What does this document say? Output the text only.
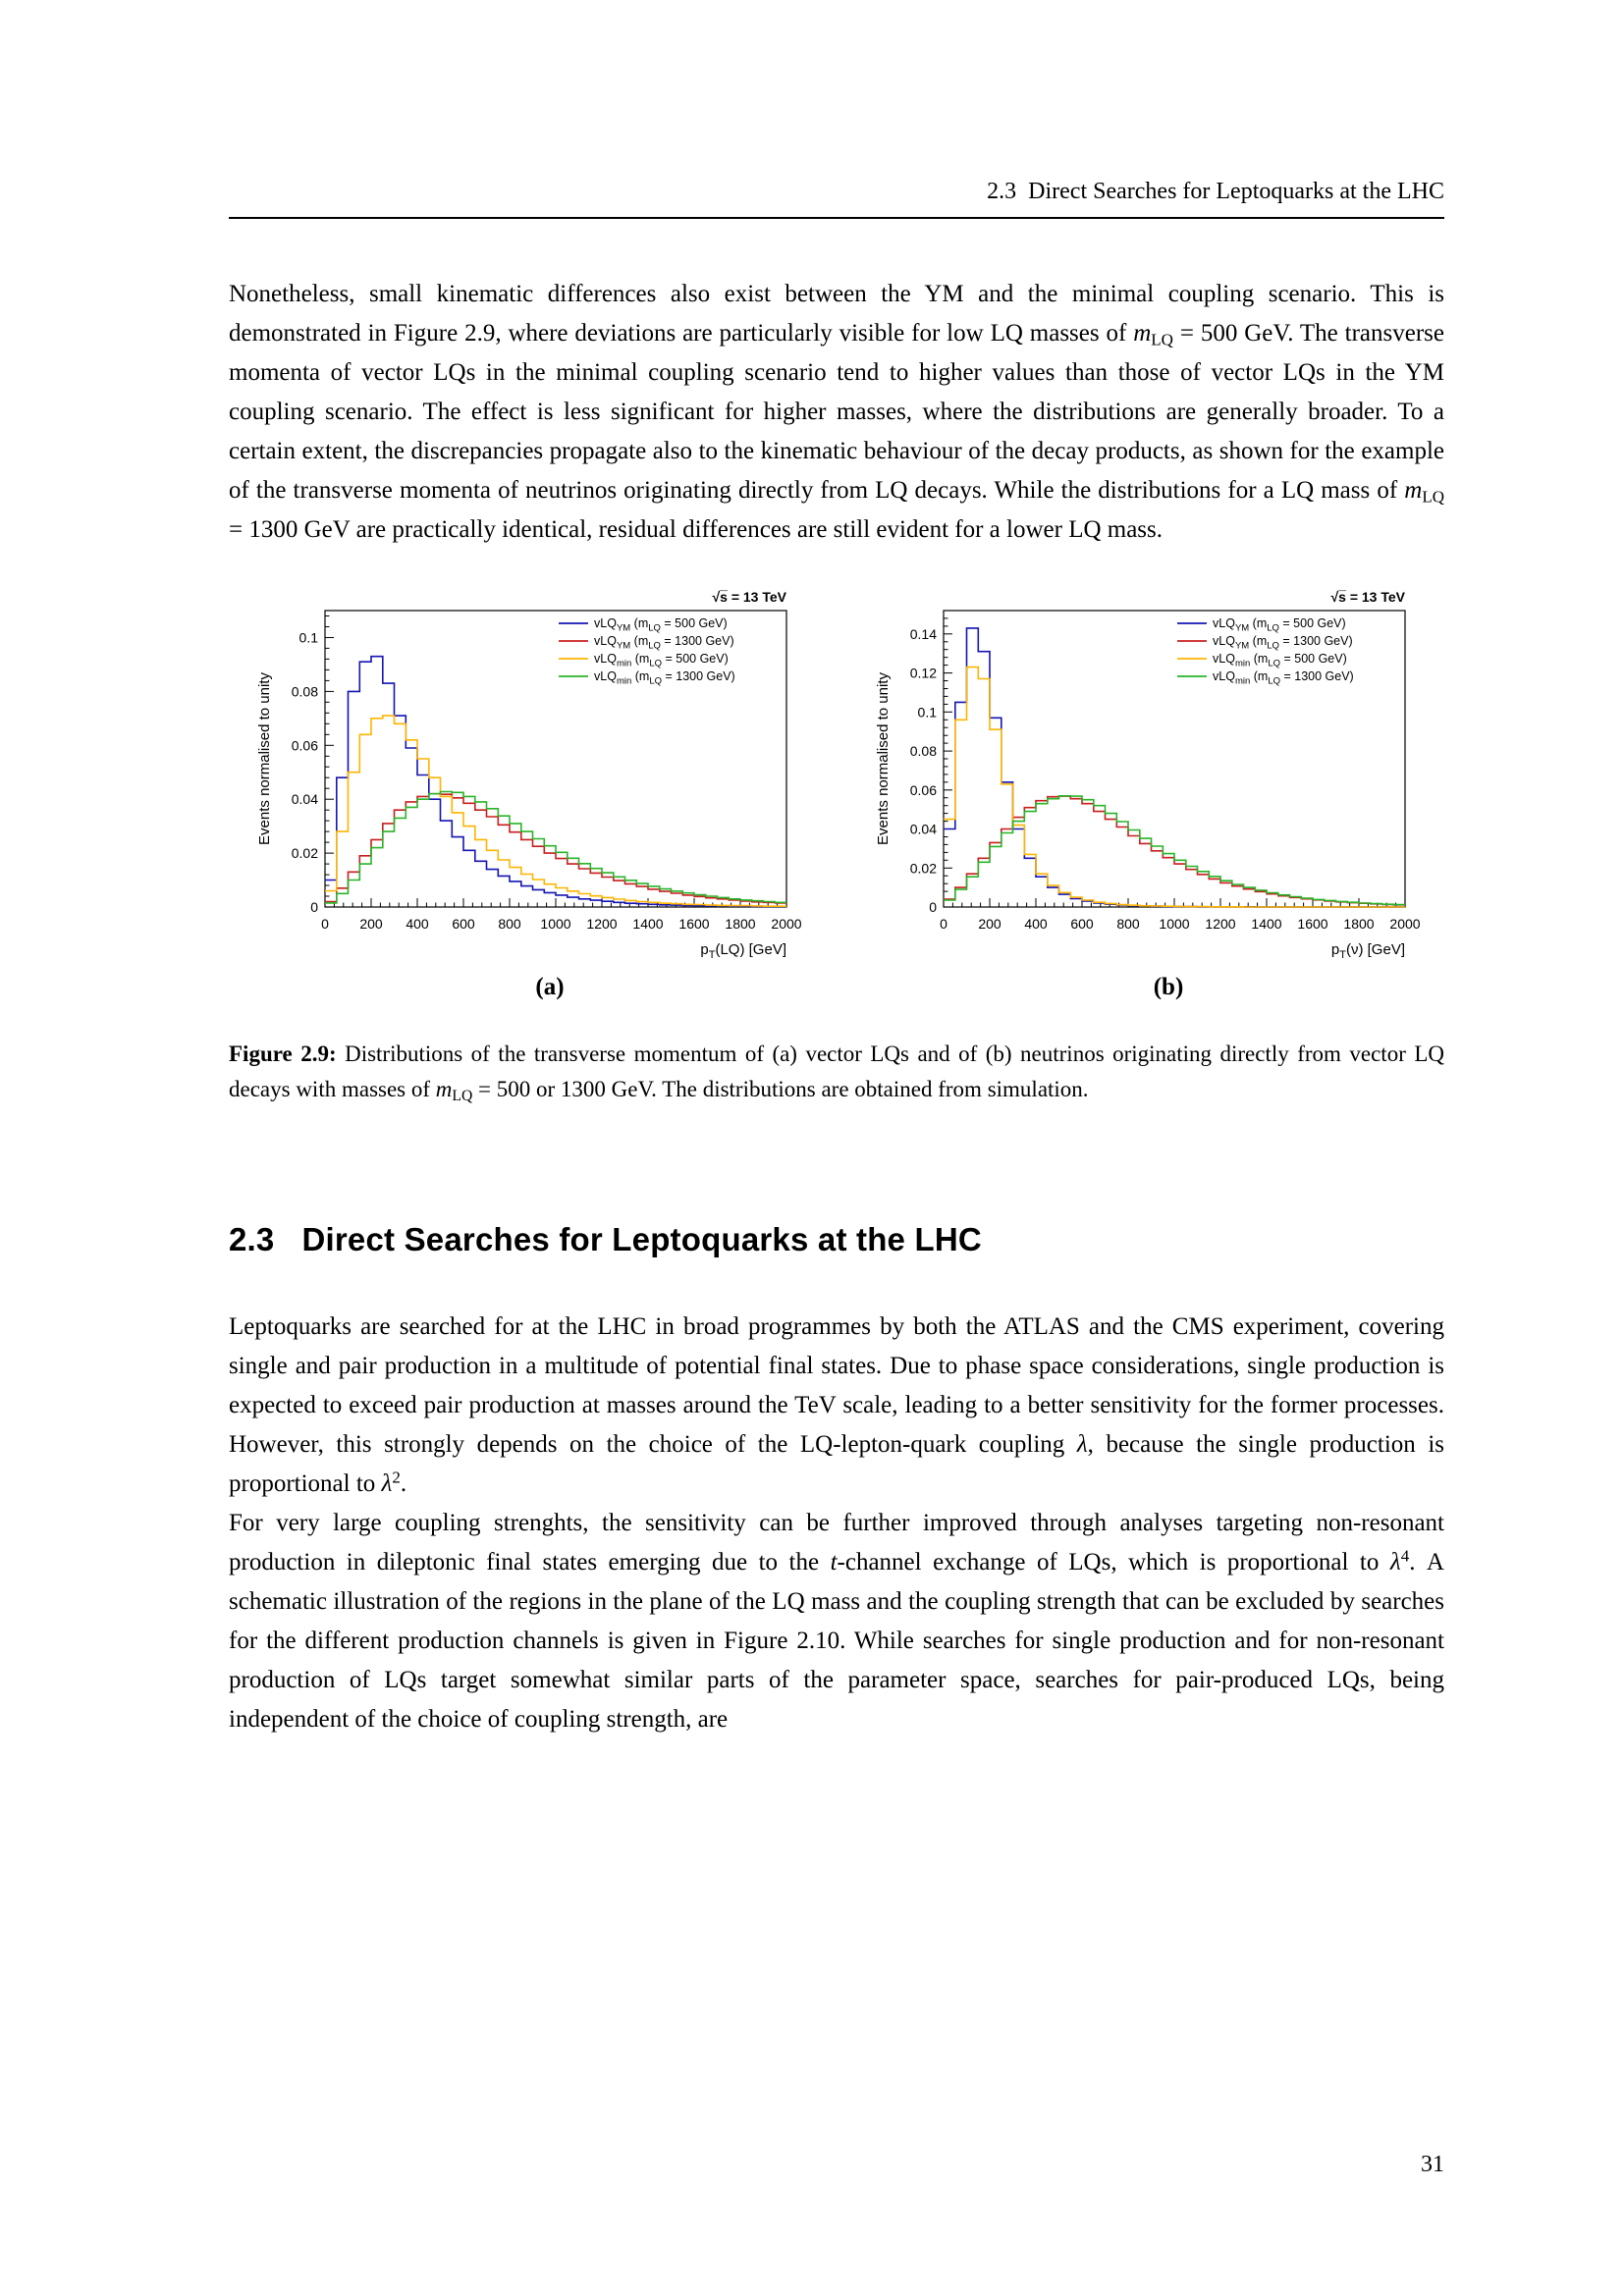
2.3 Direct Searches for Leptoquarks at the LHC

Nonetheless, small kinematic differences also exist between the YM and the minimal coupling scenario. This is demonstrated in Figure 2.9, where deviations are particularly visible for low LQ masses of $m_{LQ} = 500$ GeV. The transverse momenta of vector LQs in the minimal coupling scenario tend to higher values than those of vector LQs in the YM coupling scenario. The effect is less significant for higher masses, where the distributions are generally broader. To a certain extent, the discrepancies propagate also to the kinematic behaviour of the decay products, as shown for the example of the transverse momenta of neutrinos originating directly from LQ decays. While the distributions for a LQ mass of $m_{LQ} = 1300$ GeV are practically identical, residual differences are still evident for a lower LQ mass.

0 200 400 600 800 1000 1200 1400 1600 1800 2000
0
0.02
0.04
0.06
0.08
0.1
vLQ$_{YM}$ ($m_{LQ} = 500$ GeV)
vLQ$_{YM}$ ($m_{LQ} = 1300$ GeV)
vLQ$_{min}$ ($m_{LQ} = 500$ GeV)
vLQ$_{min}$ ($m_{LQ} = 1300$ GeV)
√s̅ = 13 TeV
Events normalised to unity
$p_T(LQ)$ [GeV]
(a)
0 200 400 600 800 1000 1200 1400 1600 1800 2000
0
0.02
0.04
0.06
0.08
0.1
0.12
0.14
vLQ$_{YM}$ ($m_{LQ} = 500$ GeV)
vLQ$_{YM}$ ($m_{LQ} = 1300$ GeV)
vLQ$_{min}$ ($m_{LQ} = 500$ GeV)
vLQ$_{min}$ ($m_{LQ} = 1300$ GeV)
√s̅ = 13 TeV
Events normalised to unity
$p_T(\nu)$ [GeV]
(b)

Figure 2.9: Distributions of the transverse momentum of (a) vector LQs and of (b) neutrinos originating directly from vector LQ decays with masses of $m_{LQ} = 500$ or 1300 GeV. The distributions are obtained from simulation.

2.3 Direct Searches for Leptoquarks at the LHC

Leptoquarks are searched for at the LHC in broad programmes by both the ATLAS and the CMS experiment, covering single and pair production in a multitude of potential final states. Due to phase space considerations, single production is expected to exceed pair production at masses around the TeV scale, leading to a better sensitivity for the former processes. However, this strongly depends on the choice of the LQ-lepton-quark coupling λ, because the single production is proportional to $\lambda^2$.

For very large coupling strenghts, the sensitivity can be further improved through analyses targeting non-resonant production in dileptonic final states emerging due to the t-channel exchange of LQs, which is proportional to $\lambda^4$. A schematic illustration of the regions in the plane of the LQ mass and the coupling strength that can be excluded by searches for the different production channels is given in Figure 2.10. While searches for single production and for non-resonant production of LQs target somewhat similar parts of the parameter space, searches for pair-produced LQs, being independent of the choice of coupling strength, are

31
